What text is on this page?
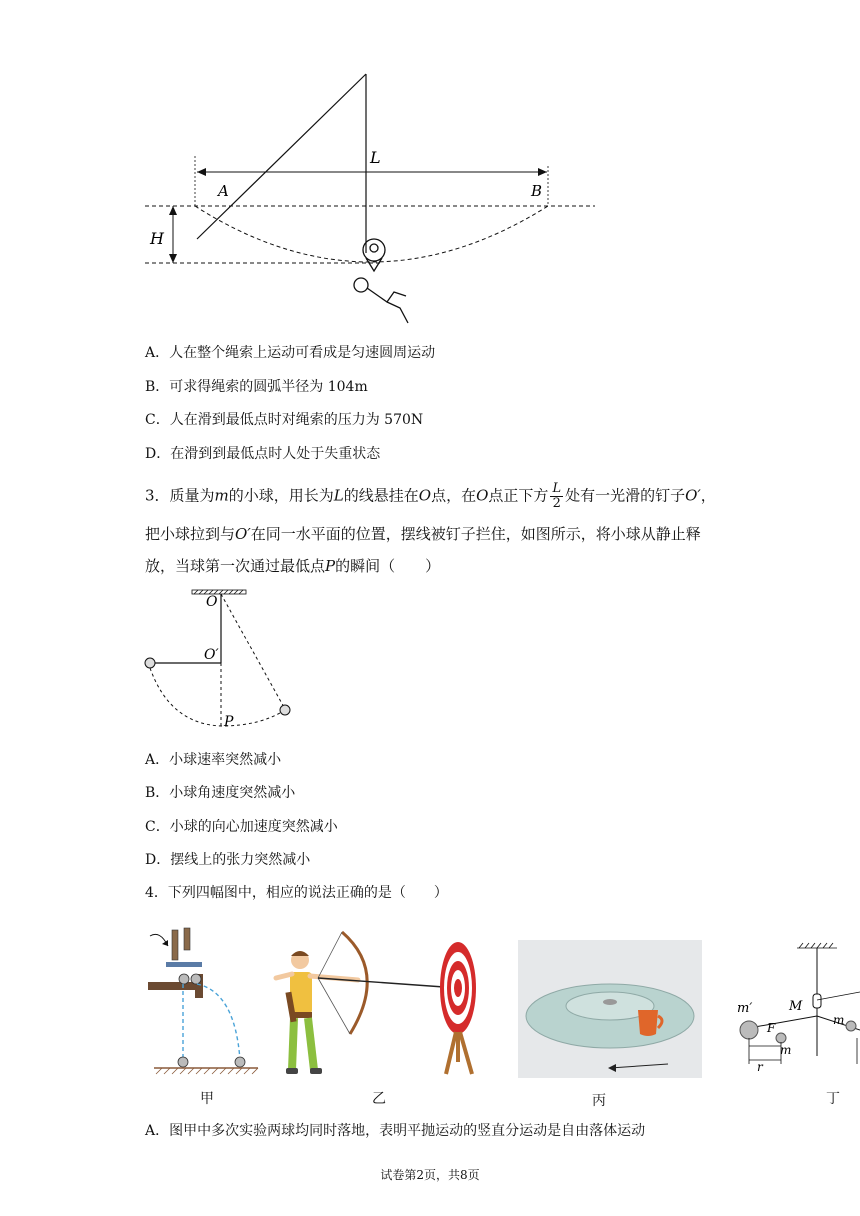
L
A	B
H
A．人在整个绳索上运动可看成是匀速圆周运动
B．可求得绳索的圆弧半径为 104m
C．人在滑到最低点时对绳索的压力为 570N
D．在滑到到最低点时人处于失重状态
3．质量为m的小球，用长为L的线悬挂在O点，在O点正下方 $\frac{L}{2}$ 处有一光滑的钉子O′，
把小球拉到与O′在同一水平面的位置，摆线被钉子拦住，如图所示，将小球从静止释
放，当球第一次通过最低点P的瞬间（　　）
O
O′
P
A．小球速率突然减小
B．小球角速度突然减小
C．小球的向心加速度突然减小
D．摆线上的张力突然减小
4．下列四幅图中，相应的说法正确的是（　　）
m′	M
F
m
m
r
甲	乙	丙	丁
A．图甲中多次实验两球均同时落地，表明平抛运动的竖直分运动是自由落体运动
试卷第2页，共8页
